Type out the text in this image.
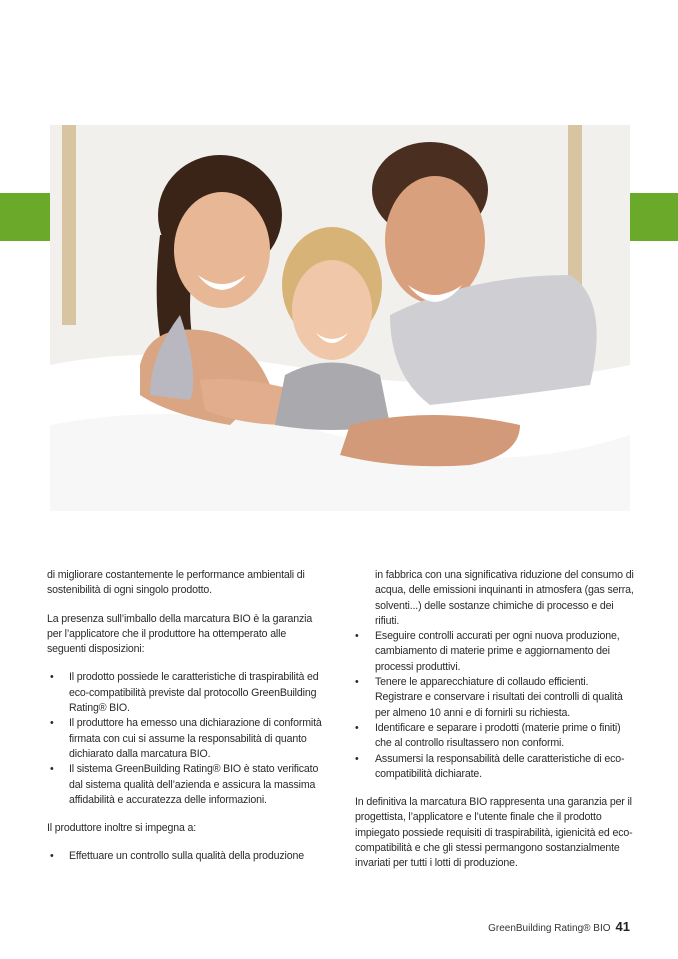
di migliorare costantemente le performance ambientali di sostenibilità di ogni singolo prodotto.

La presenza sull’imballo della marcatura BIO è la garanzia per l’applicatore che il produttore ha ottemperato alle seguenti disposizioni:

• Il prodotto possiede le caratteristiche di traspirabilità ed eco-compatibilità previste dal protocollo GreenBuilding Rating® BIO.
• Il produttore ha emesso una dichiarazione di conformità firmata con cui si assume la responsabilità di quanto dichiarato dalla marcatura BIO.
• Il sistema GreenBuilding Rating® BIO è stato verificato dal sistema qualità dell’azienda e assicura la massima affidabilità e accuratezza delle informazioni.

Il produttore inoltre si impegna a:

• Effettuare un controllo sulla qualità della produzione

in fabbrica con una significativa riduzione del consumo di acqua, delle emissioni inquinanti in atmosfera (gas serra, solventi...) delle sostanze chimiche di processo e dei rifiuti.

• Eseguire controlli accurati per ogni nuova produzione, cambiamento di materie prime e aggiornamento dei processi produttivi.
• Tenere le apparecchiature di collaudo efficienti. Registrare e conservare i risultati dei controlli di qualità per almeno 10 anni e di fornirli su richiesta.
• Identificare e separare i prodotti (materie prime o finiti) che al controllo risultassero non conformi.
• Assumersi la responsabilità delle caratteristiche di eco-compatibilità dichiarate.

In definitiva la marcatura BIO rappresenta una garanzia per il progettista, l’applicatore e l’utente finale che il prodotto impiegato possiede requisiti di traspirabilità, igienicità ed eco-compatibilità e che gli stessi permangono sostanzialmente invariati per tutti i lotti di produzione.

GreenBuilding Rating® BIO 41
